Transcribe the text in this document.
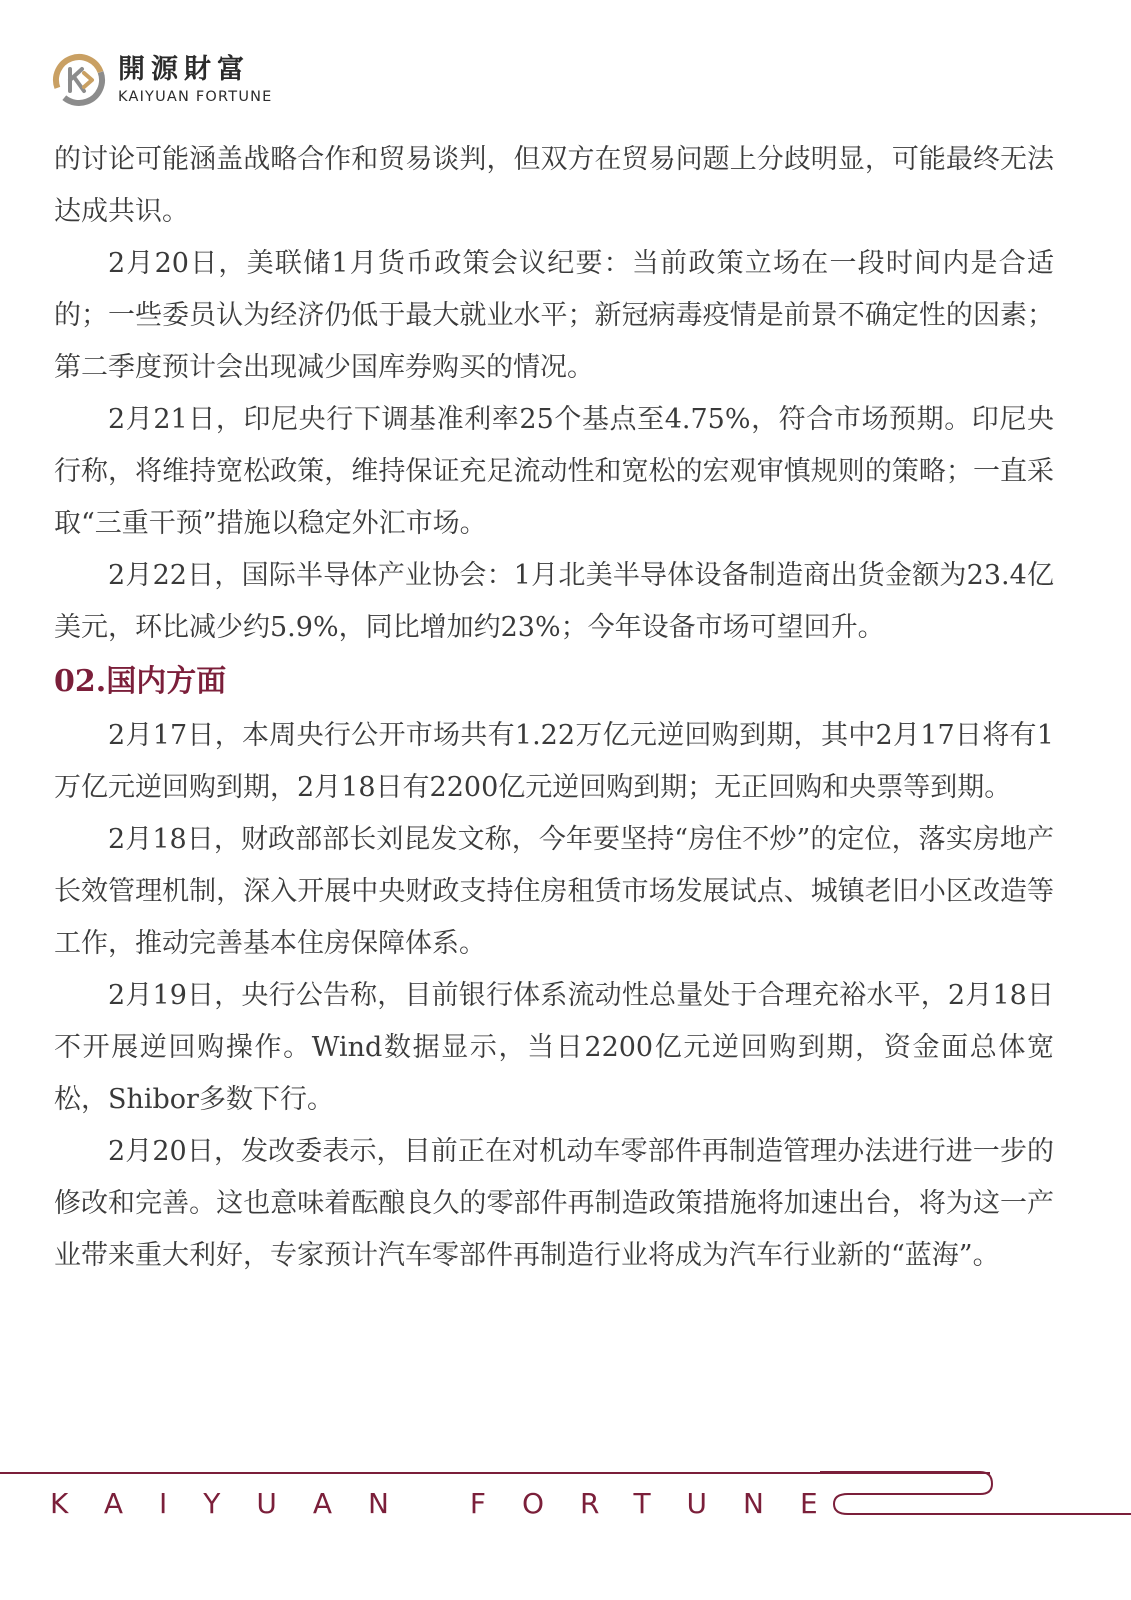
開源財富
KAIYUAN FORTUNE

的讨论可能涵盖战略合作和贸易谈判，但双方在贸易问题上分歧明显，可能最终无法达成共识。

2月20日，美联储1月货币政策会议纪要：当前政策立场在一段时间内是合适的；一些委员认为经济仍低于最大就业水平；新冠病毒疫情是前景不确定性的因素；第二季度预计会出现减少国库券购买的情况。

2月21日，印尼央行下调基准利率25个基点至4.75%，符合市场预期。印尼央行称，将维持宽松政策，维持保证充足流动性和宽松的宏观审慎规则的策略；一直采取“三重干预”措施以稳定外汇市场。

2月22日，国际半导体产业协会：1月北美半导体设备制造商出货金额为23.4亿美元，环比减少约5.9%，同比增加约23%；今年设备市场可望回升。

02.国内方面

2月17日，本周央行公开市场共有1.22万亿元逆回购到期，其中2月17日将有1万亿元逆回购到期，2月18日有2200亿元逆回购到期；无正回购和央票等到期。

2月18日，财政部部长刘昆发文称，今年要坚持“房住不炒”的定位，落实房地产长效管理机制，深入开展中央财政支持住房租赁市场发展试点、城镇老旧小区改造等工作，推动完善基本住房保障体系。

2月19日，央行公告称，目前银行体系流动性总量处于合理充裕水平，2月18日不开展逆回购操作。Wind数据显示，当日2200亿元逆回购到期，资金面总体宽松，Shibor多数下行。

2月20日，发改委表示，目前正在对机动车零部件再制造管理办法进行进一步的修改和完善。这也意味着酝酿良久的零部件再制造政策措施将加速出台，将为这一产业带来重大利好，专家预计汽车零部件再制造行业将成为汽车行业新的“蓝海”。

KAIYUAN FORTUNE
